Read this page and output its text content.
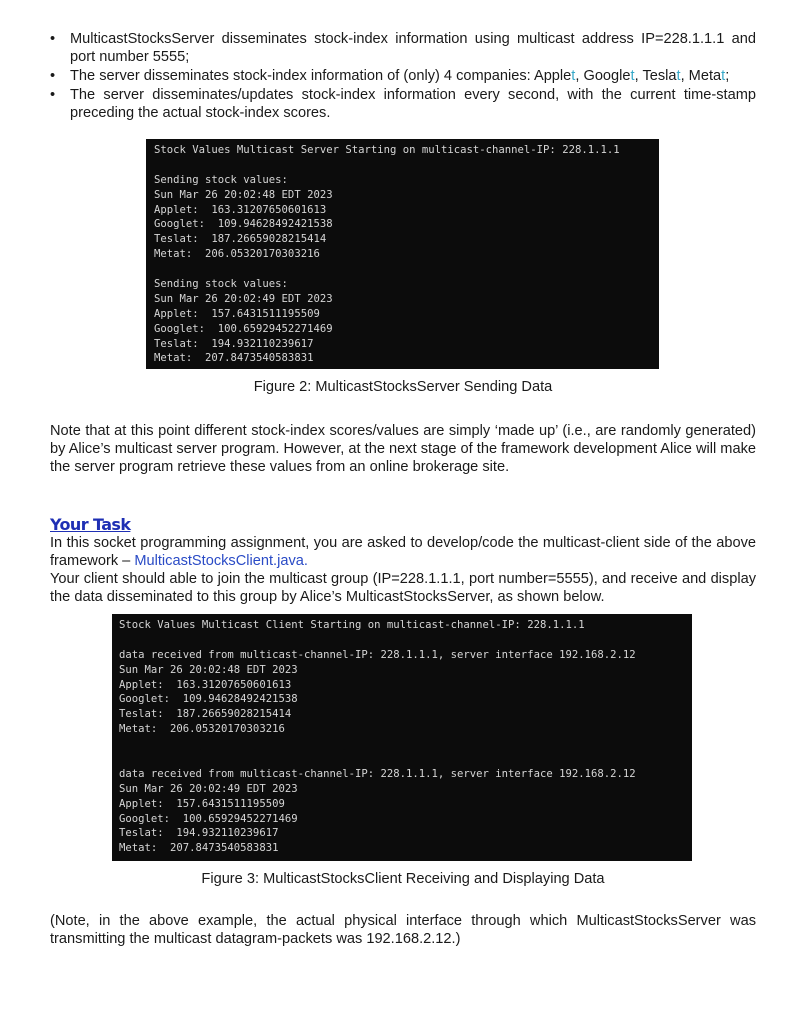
• MulticastStocksServer disseminates stock-index information using multicast address IP=228.1.1.1 and port number 5555;
• The server disseminates stock-index information of (only) 4 companies: Applet, Googlet, Teslat, Metat;
• The server disseminates/updates stock-index information every second, with the current time-stamp preceding the actual stock-index scores.
Stock Values Multicast Server Starting on multicast-channel-IP: 228.1.1.1

Sending stock values:
Sun Mar 26 20:02:48 EDT 2023
Applet:  163.31207650601613
Googlet:  109.94628492421538
Teslat:  187.26659028215414
Metat:  206.05320170303216

Sending stock values:
Sun Mar 26 20:02:49 EDT 2023
Applet:  157.6431511195509
Googlet:  100.65929452271469
Teslat:  194.932110239617
Metat:  207.8473540583831
Figure 2: MulticastStocksServer Sending Data
Note that at this point different stock-index scores/values are simply ‘made up’ (i.e., are randomly generated) by Alice’s multicast server program. However, at the next stage of the framework development Alice will make the server program retrieve these values from an online brokerage site.
Your Task
In this socket programming assignment, you are asked to develop/code the multicast-client side of the above framework – MulticastStocksClient.java.
Your client should able to join the multicast group (IP=228.1.1.1, port number=5555), and receive and display the data disseminated to this group by Alice’s MulticastStocksServer, as shown below.
Stock Values Multicast Client Starting on multicast-channel-IP: 228.1.1.1

data received from multicast-channel-IP: 228.1.1.1, server interface 192.168.2.12
Sun Mar 26 20:02:48 EDT 2023
Applet:  163.31207650601613
Googlet:  109.94628492421538
Teslat:  187.26659028215414
Metat:  206.05320170303216

data received from multicast-channel-IP: 228.1.1.1, server interface 192.168.2.12
Sun Mar 26 20:02:49 EDT 2023
Applet:  157.6431511195509
Googlet:  100.65929452271469
Teslat:  194.932110239617
Metat:  207.8473540583831
Figure 3: MulticastStocksClient Receiving and Displaying Data
(Note, in the above example, the actual physical interface through which MulticastStocksServer was transmitting the multicast datagram-packets was 192.168.2.12.)
